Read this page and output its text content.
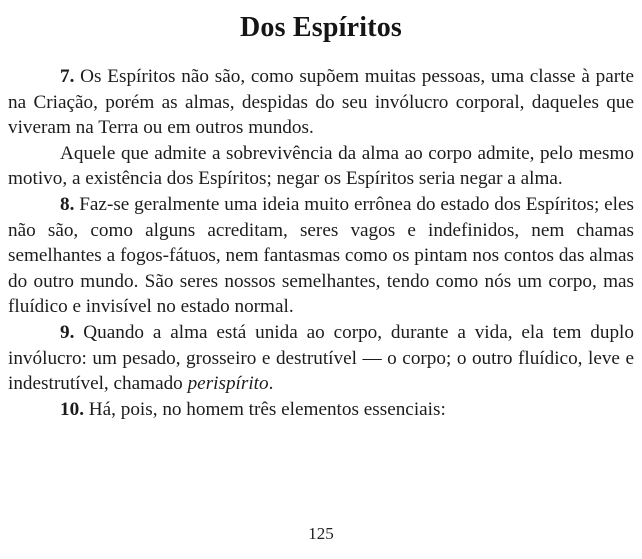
Dos Espíritos

7. Os Espíritos não são, como supõem muitas pessoas, uma classe à parte na Criação, porém as almas, despidas do seu invólucro corporal, daqueles que viveram na Terra ou em outros mundos.

Aquele que admite a sobrevivência da alma ao corpo admite, pelo mesmo motivo, a existência dos Espíritos; negar os Espíritos seria negar a alma.

8. Faz-se geralmente uma ideia muito errônea do estado dos Espíritos; eles não são, como alguns acreditam, seres vagos e indefinidos, nem chamas semelhantes a fogos-fátuos, nem fantasmas como os pintam nos contos das almas do outro mundo. São seres nossos semelhantes, tendo como nós um corpo, mas fluídico e invisível no estado normal.

9. Quando a alma está unida ao corpo, durante a vida, ela tem duplo invólucro: um pesado, grosseiro e destrutível — o corpo; o outro fluídico, leve e indestrutível, chamado perispírito.

10. Há, pois, no homem três elementos essenciais:

125
